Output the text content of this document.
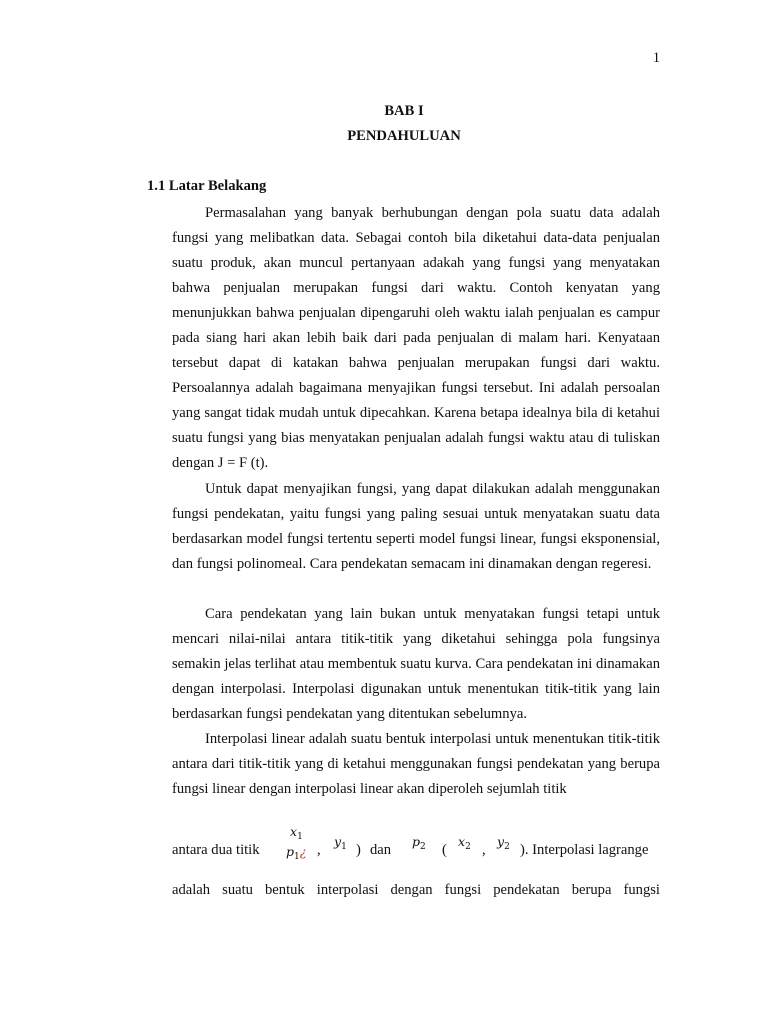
1
BAB I
PENDAHULUAN
1.1 Latar Belakang

Permasalahan yang banyak berhubungan dengan pola suatu data adalah fungsi yang melibatkan data. Sebagai contoh bila diketahui data-data penjualan suatu produk, akan muncul pertanyaan adakah yang fungsi yang menyatakan bahwa penjualan merupakan fungsi dari waktu. Contoh kenyatan yang menunjukkan bahwa penjualan dipengaruhi oleh waktu ialah penjualan es campur pada siang hari akan lebih baik dari pada penjualan di malam hari. Kenyataan tersebut dapat di katakan bahwa penjualan merupakan fungsi dari waktu. Persoalannya adalah bagaimana menyajikan fungsi tersebut. Ini adalah persoalan yang sangat tidak mudah untuk dipecahkan. Karena betapa idealnya bila di ketahui suatu fungsi yang bias menyatakan penjualan adalah fungsi waktu atau di tuliskan dengan J = F (t).

Untuk dapat menyajikan fungsi, yang dapat dilakukan adalah menggunakan fungsi pendekatan, yaitu fungsi yang paling sesuai untuk menyatakan suatu data berdasarkan model fungsi tertentu seperti model fungsi linear, fungsi eksponensial, dan fungsi polinomeal. Cara pendekatan semacam ini dinamakan dengan regeresi.

Cara pendekatan yang lain bukan untuk menyatakan fungsi tetapi untuk mencari nilai-nilai antara titik-titik yang diketahui sehingga pola fungsinya semakin jelas terlihat atau membentuk suatu kurva. Cara pendekatan ini dinamakan dengan interpolasi. Interpolasi digunakan untuk menentukan titik-titik yang lain berdasarkan fungsi pendekatan yang ditentukan sebelumnya.

Interpolasi linear adalah suatu bentuk interpolasi untuk menentukan titik-titik antara dari titik-titik yang di ketahui menggunakan fungsi pendekatan yang berupa fungsi linear dengan interpolasi linear akan diperoleh sejumlah titik

antara dua titik
$x_1$
$p_1¿$ ,
$y_1$ ) dan
$p_2$ (
$x_2$ ,
$y_2$ ). Interpolasi lagrange
adalah suatu bentuk interpolasi dengan fungsi pendekatan berupa fungsi
